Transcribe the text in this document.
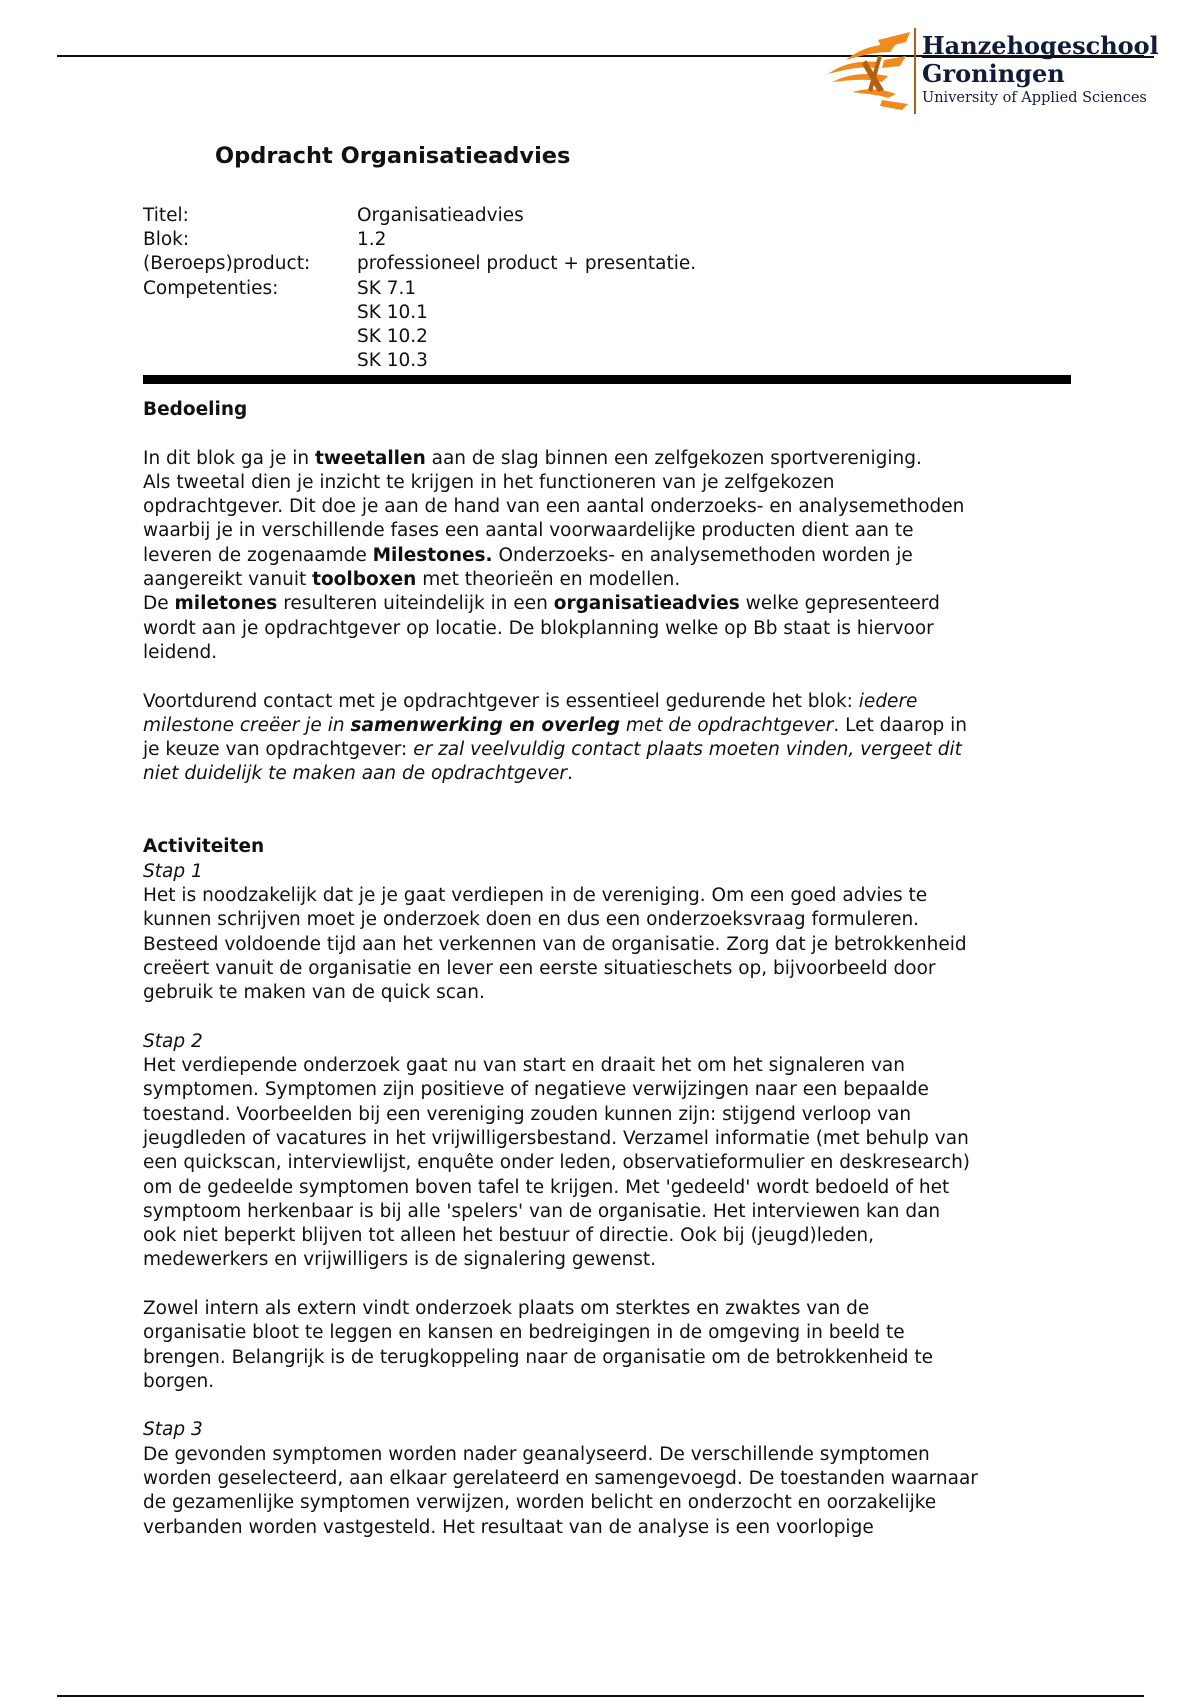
Hanzehogeschool
Groningen
University of Applied Sciences
Opdracht Organisatieadvies
Titel:	Organisatieadvies
Blok:	1.2
(Beroeps)product:	professioneel product + presentatie.
Competenties:	SK 7.1
SK 10.1
SK 10.2
SK 10.3

Bedoeling

In dit blok ga je in tweetallen aan de slag binnen een zelfgekozen sportvereniging.
Als tweetal dien je inzicht te krijgen in het functioneren van je zelfgekozen
opdrachtgever. Dit doe je aan de hand van een aantal onderzoeks- en analysemethoden
waarbij je in verschillende fases een aantal voorwaardelijke producten dient aan te
leveren de zogenaamde Milestones. Onderzoeks- en analysemethoden worden je
aangereikt vanuit toolboxen met theorieën en modellen.
De miletones resulteren uiteindelijk in een organisatieadvies welke gepresenteerd
wordt aan je opdrachtgever op locatie. De blokplanning welke op Bb staat is hiervoor
leidend.

Voortdurend contact met je opdrachtgever is essentieel gedurende het blok: iedere
milestone creëer je in samenwerking en overleg met de opdrachtgever. Let daarop in
je keuze van opdrachtgever: er zal veelvuldig contact plaats moeten vinden, vergeet dit
niet duidelijk te maken aan de opdrachtgever.

Activiteiten

Stap 1

Het is noodzakelijk dat je je gaat verdiepen in de vereniging. Om een goed advies te
kunnen schrijven moet je onderzoek doen en dus een onderzoeksvraag formuleren.
Besteed voldoende tijd aan het verkennen van de organisatie. Zorg dat je betrokkenheid
creëert vanuit de organisatie en lever een eerste situatieschets op, bijvoorbeeld door
gebruik te maken van de quick scan.

Stap 2

Het verdiepende onderzoek gaat nu van start en draait het om het signaleren van
symptomen. Symptomen zijn positieve of negatieve verwijzingen naar een bepaalde
toestand. Voorbeelden bij een vereniging zouden kunnen zijn: stijgend verloop van
jeugdleden of vacatures in het vrijwilligersbestand. Verzamel informatie (met behulp van
een quickscan, interviewlijst, enquête onder leden, observatieformulier en deskresearch)
om de gedeelde symptomen boven tafel te krijgen. Met 'gedeeld' wordt bedoeld of het
symptoom herkenbaar is bij alle 'spelers' van de organisatie. Het interviewen kan dan
ook niet beperkt blijven tot alleen het bestuur of directie. Ook bij (jeugd)leden,
medewerkers en vrijwilligers is de signalering gewenst.

Zowel intern als extern vindt onderzoek plaats om sterktes en zwaktes van de
organisatie bloot te leggen en kansen en bedreigingen in de omgeving in beeld te
brengen. Belangrijk is de terugkoppeling naar de organisatie om de betrokkenheid te
borgen.

Stap 3

De gevonden symptomen worden nader geanalyseerd. De verschillende symptomen
worden geselecteerd, aan elkaar gerelateerd en samengevoegd. De toestanden waarnaar
de gezamenlijke symptomen verwijzen, worden belicht en onderzocht en oorzakelijke
verbanden worden vastgesteld. Het resultaat van de analyse is een voorlopige
